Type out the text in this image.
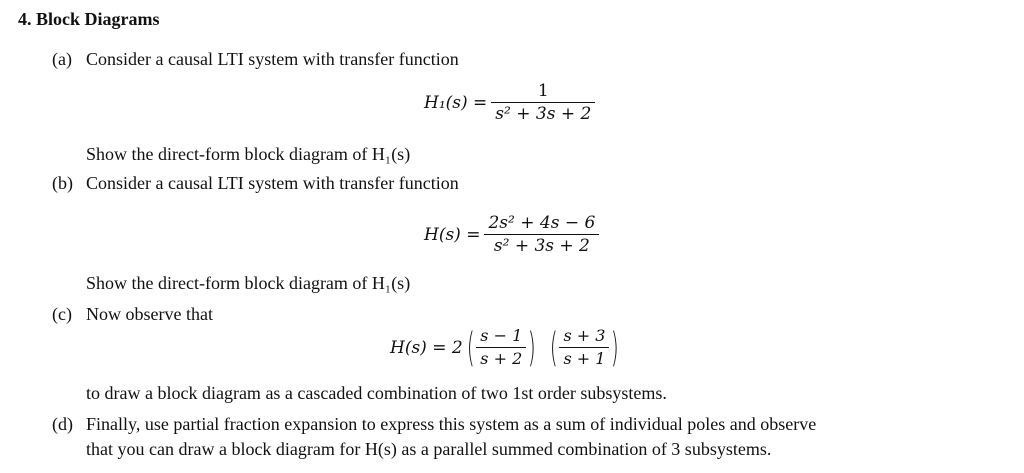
4. Block Diagrams
(a) Consider a causal LTI system with transfer function
$H_1(s) = \frac{1}{\text{s² + 3s + 2}}$
Show the direct-form block diagram of H₁(s)
(b) Consider a causal LTI system with transfer function
$H(s) = \frac{\text{2s² + 4s − 6}}{\text{s² + 3s + 2}}$
Show the direct-form block diagram of H₁(s)
(c) Now observe that
H(s) = 2 ( $\frac{s - 1}{s + 2}$ ) ( $\frac{s + 3}{s + 1}$ )
to draw a block diagram as a cascaded combination of two 1st order subsystems.
(d) Finally, use partial fraction expansion to express this system as a sum of individual poles and observe
that you can draw a block diagram for H(s) as a parallel summed combination of 3 subsystems.
